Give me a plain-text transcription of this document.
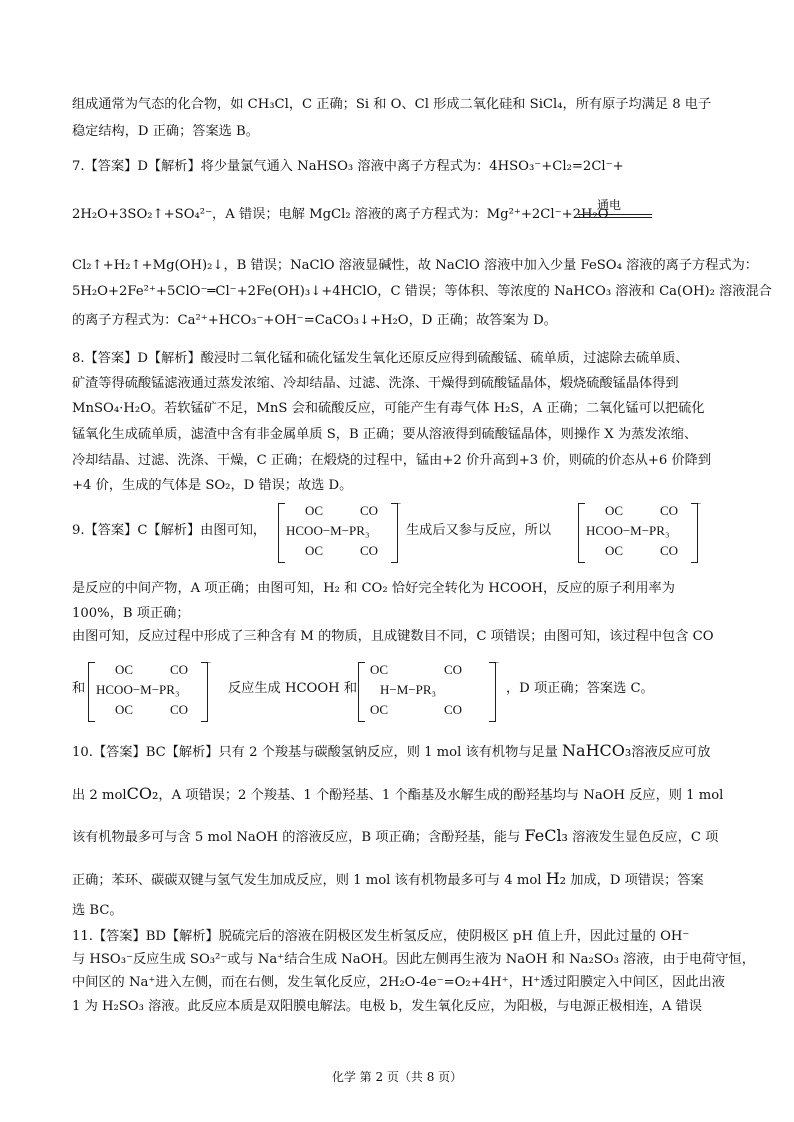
组成通常为气态的化合物，如 CH₃Cl，C 正确；Si 和 O、Cl 形成二氧化硅和 SiCl₄，所有原子均满足 8 电子
稳定结构，D 正确；答案选 B。
7.【答案】D【解析】将少量氯气通入 NaHSO₃ 溶液中离子方程式为：4HSO₃⁻+Cl₂=2Cl⁻+
2H₂O+3SO₂↑+SO₄²⁻，A 错误；电解 MgCl₂ 溶液的离子方程式为：Mg²⁺+2Cl⁻+2H₂O
通电
Cl₂↑+H₂↑+Mg(OH)₂↓，B 错误；NaClO 溶液显碱性，故 NaClO 溶液中加入少量 FeSO₄ 溶液的离子方程式为：
5H₂O+2Fe²⁺+5ClO⁻═Cl⁻+2Fe(OH)₃↓+4HClO，C 错误；等体积、等浓度的 NaHCO₃ 溶液和 Ca(OH)₂ 溶液混合
的离子方程式为：Ca²⁺+HCO₃⁻+OH⁻=CaCO₃↓+H₂O，D 正确；故答案为 D。
8.【答案】D【解析】酸浸时二氧化锰和硫化锰发生氧化还原反应得到硫酸锰、硫单质，过滤除去硫单质、
矿渣等得硫酸锰滤液通过蒸发浓缩、冷却结晶、过滤、洗涤、干燥得到硫酸锰晶体，煅烧硫酸锰晶体得到
MnSO₄·H₂O。若软锰矿不足，MnS 会和硫酸反应，可能产生有毒气体 H₂S，A 正确；二氧化锰可以把硫化
锰氧化生成硫单质，滤渣中含有非金属单质 S，B 正确；要从溶液得到硫酸锰晶体，则操作 X 为蒸发浓缩、
冷却结晶、过滤、洗涤、干燥，C 正确；在煅烧的过程中，锰由+2 价升高到+3 价，则硫的价态从+6 价降到
+4 价，生成的气体是 SO₂，D 错误；故选 D。
9.【答案】C【解析】由图可知，
OC	CO
HCOO−M−PR₃
OC	CO
⁻
生成后又参与反应，所以
OC	CO
HCOO−M−PR₃
OC	CO
⁻
是反应的中间产物，A 项正确；由图可知，H₂ 和 CO₂ 恰好完全转化为 HCOOH，反应的原子利用率为
100%，B 项正确；
由图可知，反应过程中形成了三种含有 M 的物质，且成键数目不同，C 项错误；由图可知，该过程中包含 CO
和
OC	CO
HCOO−M−PR₃
OC	CO
⁻
反应生成 HCOOH 和
OC	CO
H−M−PR₃
OC	CO
⁻
，D 项正确；答案选 C。
10.【答案】BC【解析】只有 2 个羧基与碳酸氢钠反应，则 1 mol 该有机物与足量 NaHCO₃溶液反应可放
出 2 molCO₂，A 项错误；2 个羧基、1 个酚羟基、1 个酯基及水解生成的酚羟基均与 NaOH 反应，则 1 mol
该有机物最多可与含 5 mol NaOH 的溶液反应，B 项正确；含酚羟基，能与 FeCl₃ 溶液发生显色反应，C 项
正确；苯环、碳碳双键与氢气发生加成反应，则 1 mol 该有机物最多可与 4 mol H₂ 加成，D 项错误；答案
选 BC。
11.【答案】BD【解析】脱硫完后的溶液在阴极区发生析氢反应，使阴极区 pH 值上升，因此过量的 OH⁻
与 HSO₃⁻反应生成 SO₃²⁻或与 Na⁺结合生成 NaOH。因此左侧再生液为 NaOH 和 Na₂SO₃ 溶液，由于电荷守恒，
中间区的 Na⁺进入左侧，而在右侧，发生氧化反应，2H₂O-4e⁻=O₂+4H⁺，H⁺透过阳膜定入中间区，因此出液
1 为 H₂SO₃ 溶液。此反应本质是双阳膜电解法。电极 b，发生氧化反应，为阳极，与电源正极相连，A 错误
化学 第 2 页（共 8 页）
